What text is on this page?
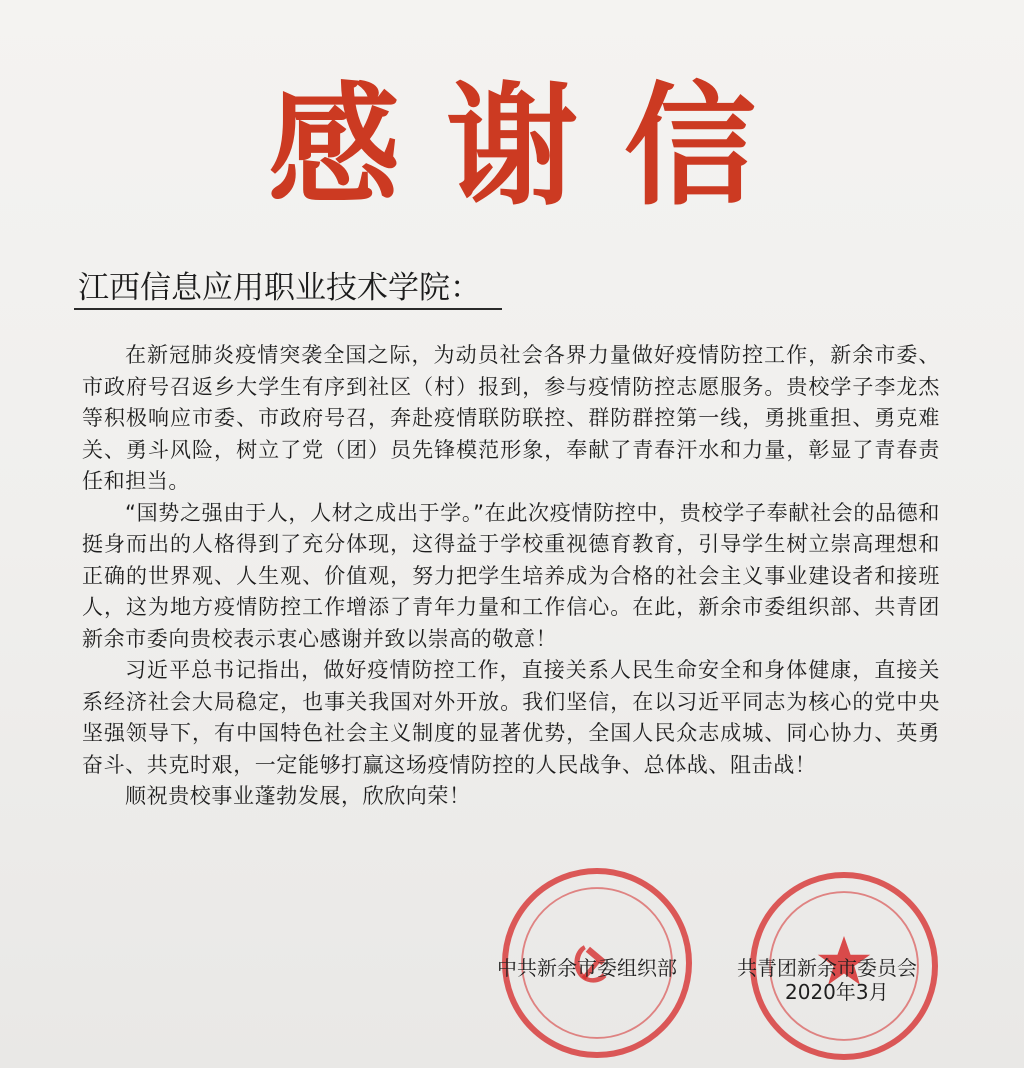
感谢信
江西信息应用职业技术学院：

在新冠肺炎疫情突袭全国之际，为动员社会各界力量做好疫情防控工作，新余市委、市政府号召返乡大学生有序到社区（村）报到，参与疫情防控志愿服务。贵校学子李龙杰等积极响应市委、市政府号召，奔赴疫情联防联控、群防群控第一线，勇挑重担、勇克难关、勇斗风险，树立了党（团）员先锋模范形象，奉献了青春汗水和力量，彰显了青春责任和担当。

“国势之强由于人，人材之成出于学。”在此次疫情防控中，贵校学子奉献社会的品德和挺身而出的人格得到了充分体现，这得益于学校重视德育教育，引导学生树立崇高理想和正确的世界观、人生观、价值观，努力把学生培养成为合格的社会主义事业建设者和接班人，这为地方疫情防控工作增添了青年力量和工作信心。在此，新余市委组织部、共青团新余市委向贵校表示衷心感谢并致以崇高的敬意！

习近平总书记指出，做好疫情防控工作，直接关系人民生命安全和身体健康，直接关系经济社会大局稳定，也事关我国对外开放。我们坚信，在以习近平同志为核心的党中央坚强领导下，有中国特色社会主义制度的显著优势，全国人民众志成城、同心协力、英勇奋斗、共克时艰，一定能够打赢这场疫情防控的人民战争、总体战、阻击战！

顺祝贵校事业蓬勃发展，欣欣向荣！

中共新余市委组织部	共青团新余市委员会
2020年3月
